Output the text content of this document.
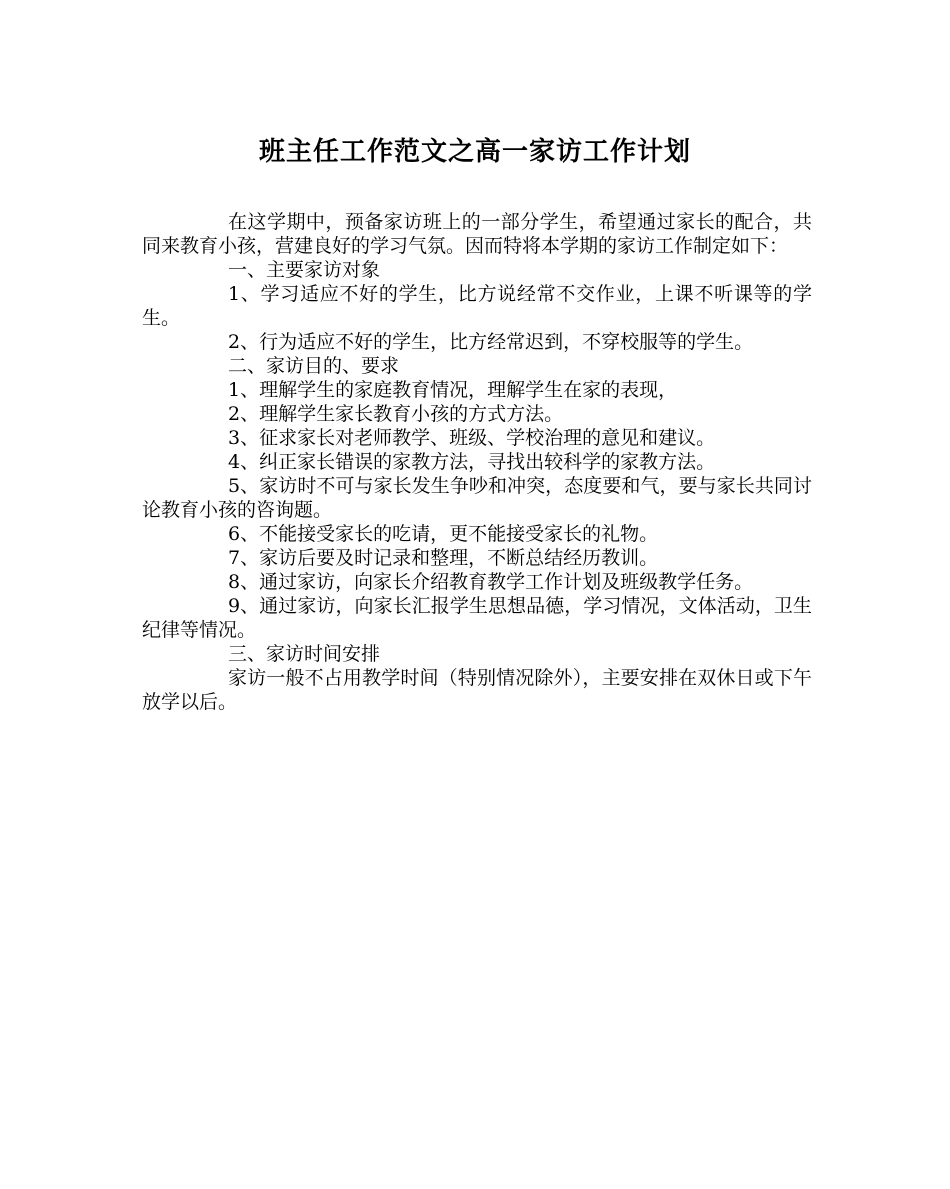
班主任工作范文之高一家访工作计划

在这学期中，预备家访班上的一部分学生，希望通过家长的配合，共同来教育小孩，营建良好的学习气氛。因而特将本学期的家访工作制定如下：

一、主要家访对象

1、学习适应不好的学生，比方说经常不交作业，上课不听课等的学生。

2、行为适应不好的学生，比方经常迟到，不穿校服等的学生。

二、家访目的、要求

1、理解学生的家庭教育情况，理解学生在家的表现，

2、理解学生家长教育小孩的方式方法。

3、征求家长对老师教学、班级、学校治理的意见和建议。

4、纠正家长错误的家教方法，寻找出较科学的家教方法。

5、家访时不可与家长发生争吵和冲突，态度要和气，要与家长共同讨论教育小孩的咨询题。

6、不能接受家长的吃请，更不能接受家长的礼物。

7、家访后要及时记录和整理，不断总结经历教训。

8、通过家访，向家长介绍教育教学工作计划及班级教学任务。

9、通过家访，向家长汇报学生思想品德，学习情况，文体活动，卫生纪律等情况。

三、家访时间安排

家访一般不占用教学时间（特别情况除外），主要安排在双休日或下午放学以后。
